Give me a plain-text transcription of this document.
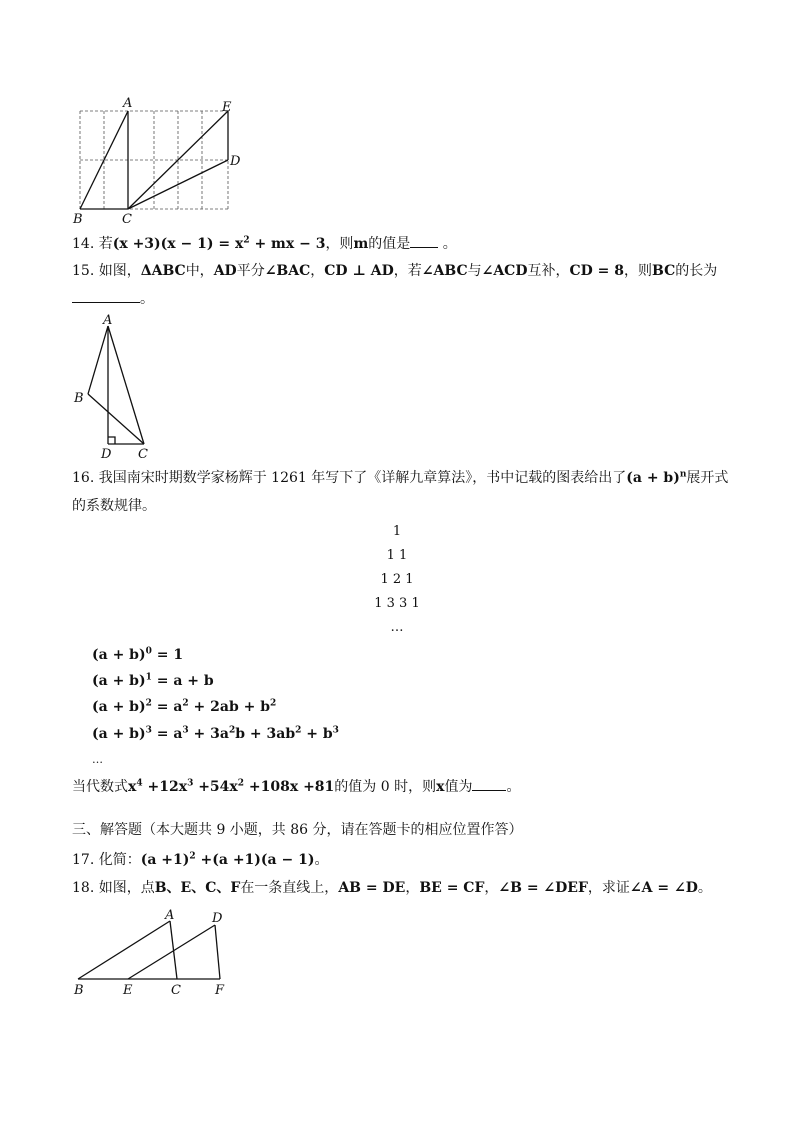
A	E
D
B	C
14. 若$(x +3)(x - 1) = x^2$ + mx − 3，则m的值是 。
15. 如图，ΔABC中，AD平分∠BAC，CD ⊥ AD，若∠ABC与∠ACD互补，CD = 8，则BC的长为
。
A
B
D C
16. 我国南宋时期数学家杨辉于 1261 年写下了《详解九章算法》，书中记载的图表给出了$(a + b)^n$展开式
的系数规律。
1
1 1
1 2 1
1 3 3 1
…
$(a + b)^0 = 1$
$(a + b)^1 = a + b$
$(a + b)^2 = a^2 + 2ab + b^2$
$(a + b)^3 = a^3 + 3a^2b + 3ab^2 + b^3$
…
当代数式$x^4 +12x^3 +54x^2 +108x +81$的值为 0 时，则x值为 。
三、解答题（本大题共 9 小题，共 86 分，请在答题卡的相应位置作答）
17. 化简：$(a +1)^2 +(a +1)(a - 1)$。
18. 如图，点B、E、C、F在一条直线上，AB = DE，BE = CF，∠B = ∠DEF，求证∠A = ∠D。
A	D
B	E	C	F
